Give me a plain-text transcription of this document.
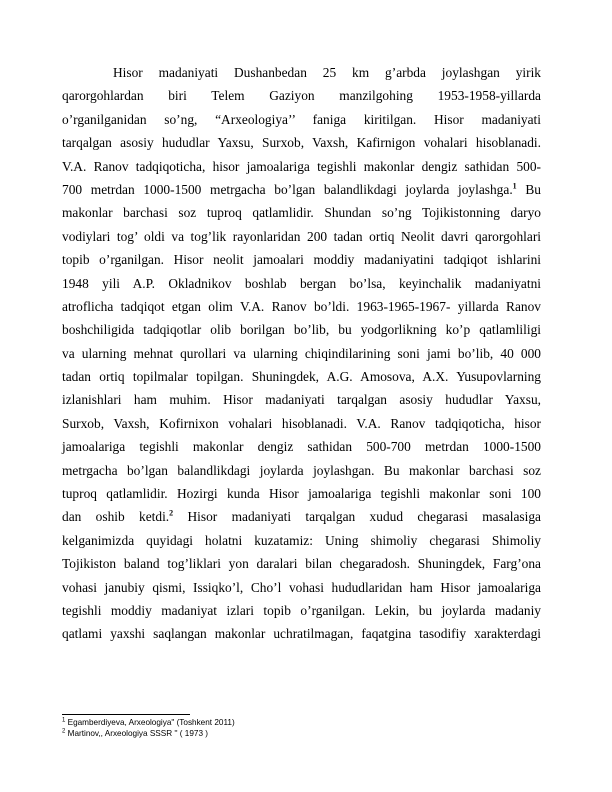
Hisor madaniyati Dushanbedan 25 km g’arbda joylashgan yirik
qarorgohlardan biri Telem Gaziyon manzilgohing 1953-1958-yillarda
o’rganilganidan so’ng, “Arxeologiya’’ faniga kiritilgan. Hisor madaniyati
tarqalgan asosiy hududlar Yaxsu, Surxob, Vaxsh, Kafirnigon vohalari hisoblanadi.
V.A. Ranov tadqiqoticha, hisor jamoalariga tegishli makonlar dengiz sathidan 500-
700 metrdan 1000-1500 metrgacha bo’lgan balandlikdagi joylarda joylashga.$^1$ Bu
makonlar barchasi soz tuproq qatlamlidir. Shundan so’ng Tojikistonning daryo
vodiylari tog’ oldi va tog’lik rayonlaridan 200 tadan ortiq Neolit davri qarorgohlari
topib o’rganilgan. Hisor neolit jamoalari moddiy madaniyatini tadqiqot ishlarini
1948 yili A.P. Okladnikov boshlab bergan bo’lsa, keyinchalik madaniyatni
atroflicha tadqiqot etgan olim V.A. Ranov bo’ldi. 1963-1965-1967- yillarda Ranov
boshchiligida tadqiqotlar olib borilgan bo’lib, bu yodgorlikning ko’p qatlamliligi
va ularning mehnat qurollari va ularning chiqindilarining soni jami bo’lib, 40 000
tadan ortiq topilmalar topilgan. Shuningdek, A.G. Amosova, A.X. Yusupovlarning
izlanishlari ham muhim. Hisor madaniyati tarqalgan asosiy hududlar Yaxsu,
Surxob, Vaxsh, Kofirnixon vohalari hisoblanadi. V.A. Ranov tadqiqoticha, hisor
jamoalariga tegishli makonlar dengiz sathidan 500-700 metrdan 1000-1500
metrgacha bo’lgan balandlikdagi joylarda joylashgan. Bu makonlar barchasi soz
tuproq qatlamlidir. Hozirgi kunda Hisor jamoalariga tegishli makonlar soni 100
dan oshib ketdi.$^2$ Hisor madaniyati tarqalgan xudud chegarasi masalasiga
kelganimizda quyidagi holatni kuzatamiz: Uning shimoliy chegarasi Shimoliy
Tojikiston baland tog’liklari yon daralari bilan chegaradosh. Shuningdek, Farg’ona
vohasi janubiy qismi, Issiqko’l, Cho’l vohasi hududlaridan ham Hisor jamoalariga
tegishli moddiy madaniyat izlari topib o’rganilgan. Lekin, bu joylarda madaniy
qatlami yaxshi saqlangan makonlar uchratilmagan, faqatgina tasodifiy xarakterdagi
$^1$ Egamberdiyeva, Arxeologiya" (Toshkent 2011)
$^2$ Martinov,, Arxeologiya SSSR '' ( 1973 )
